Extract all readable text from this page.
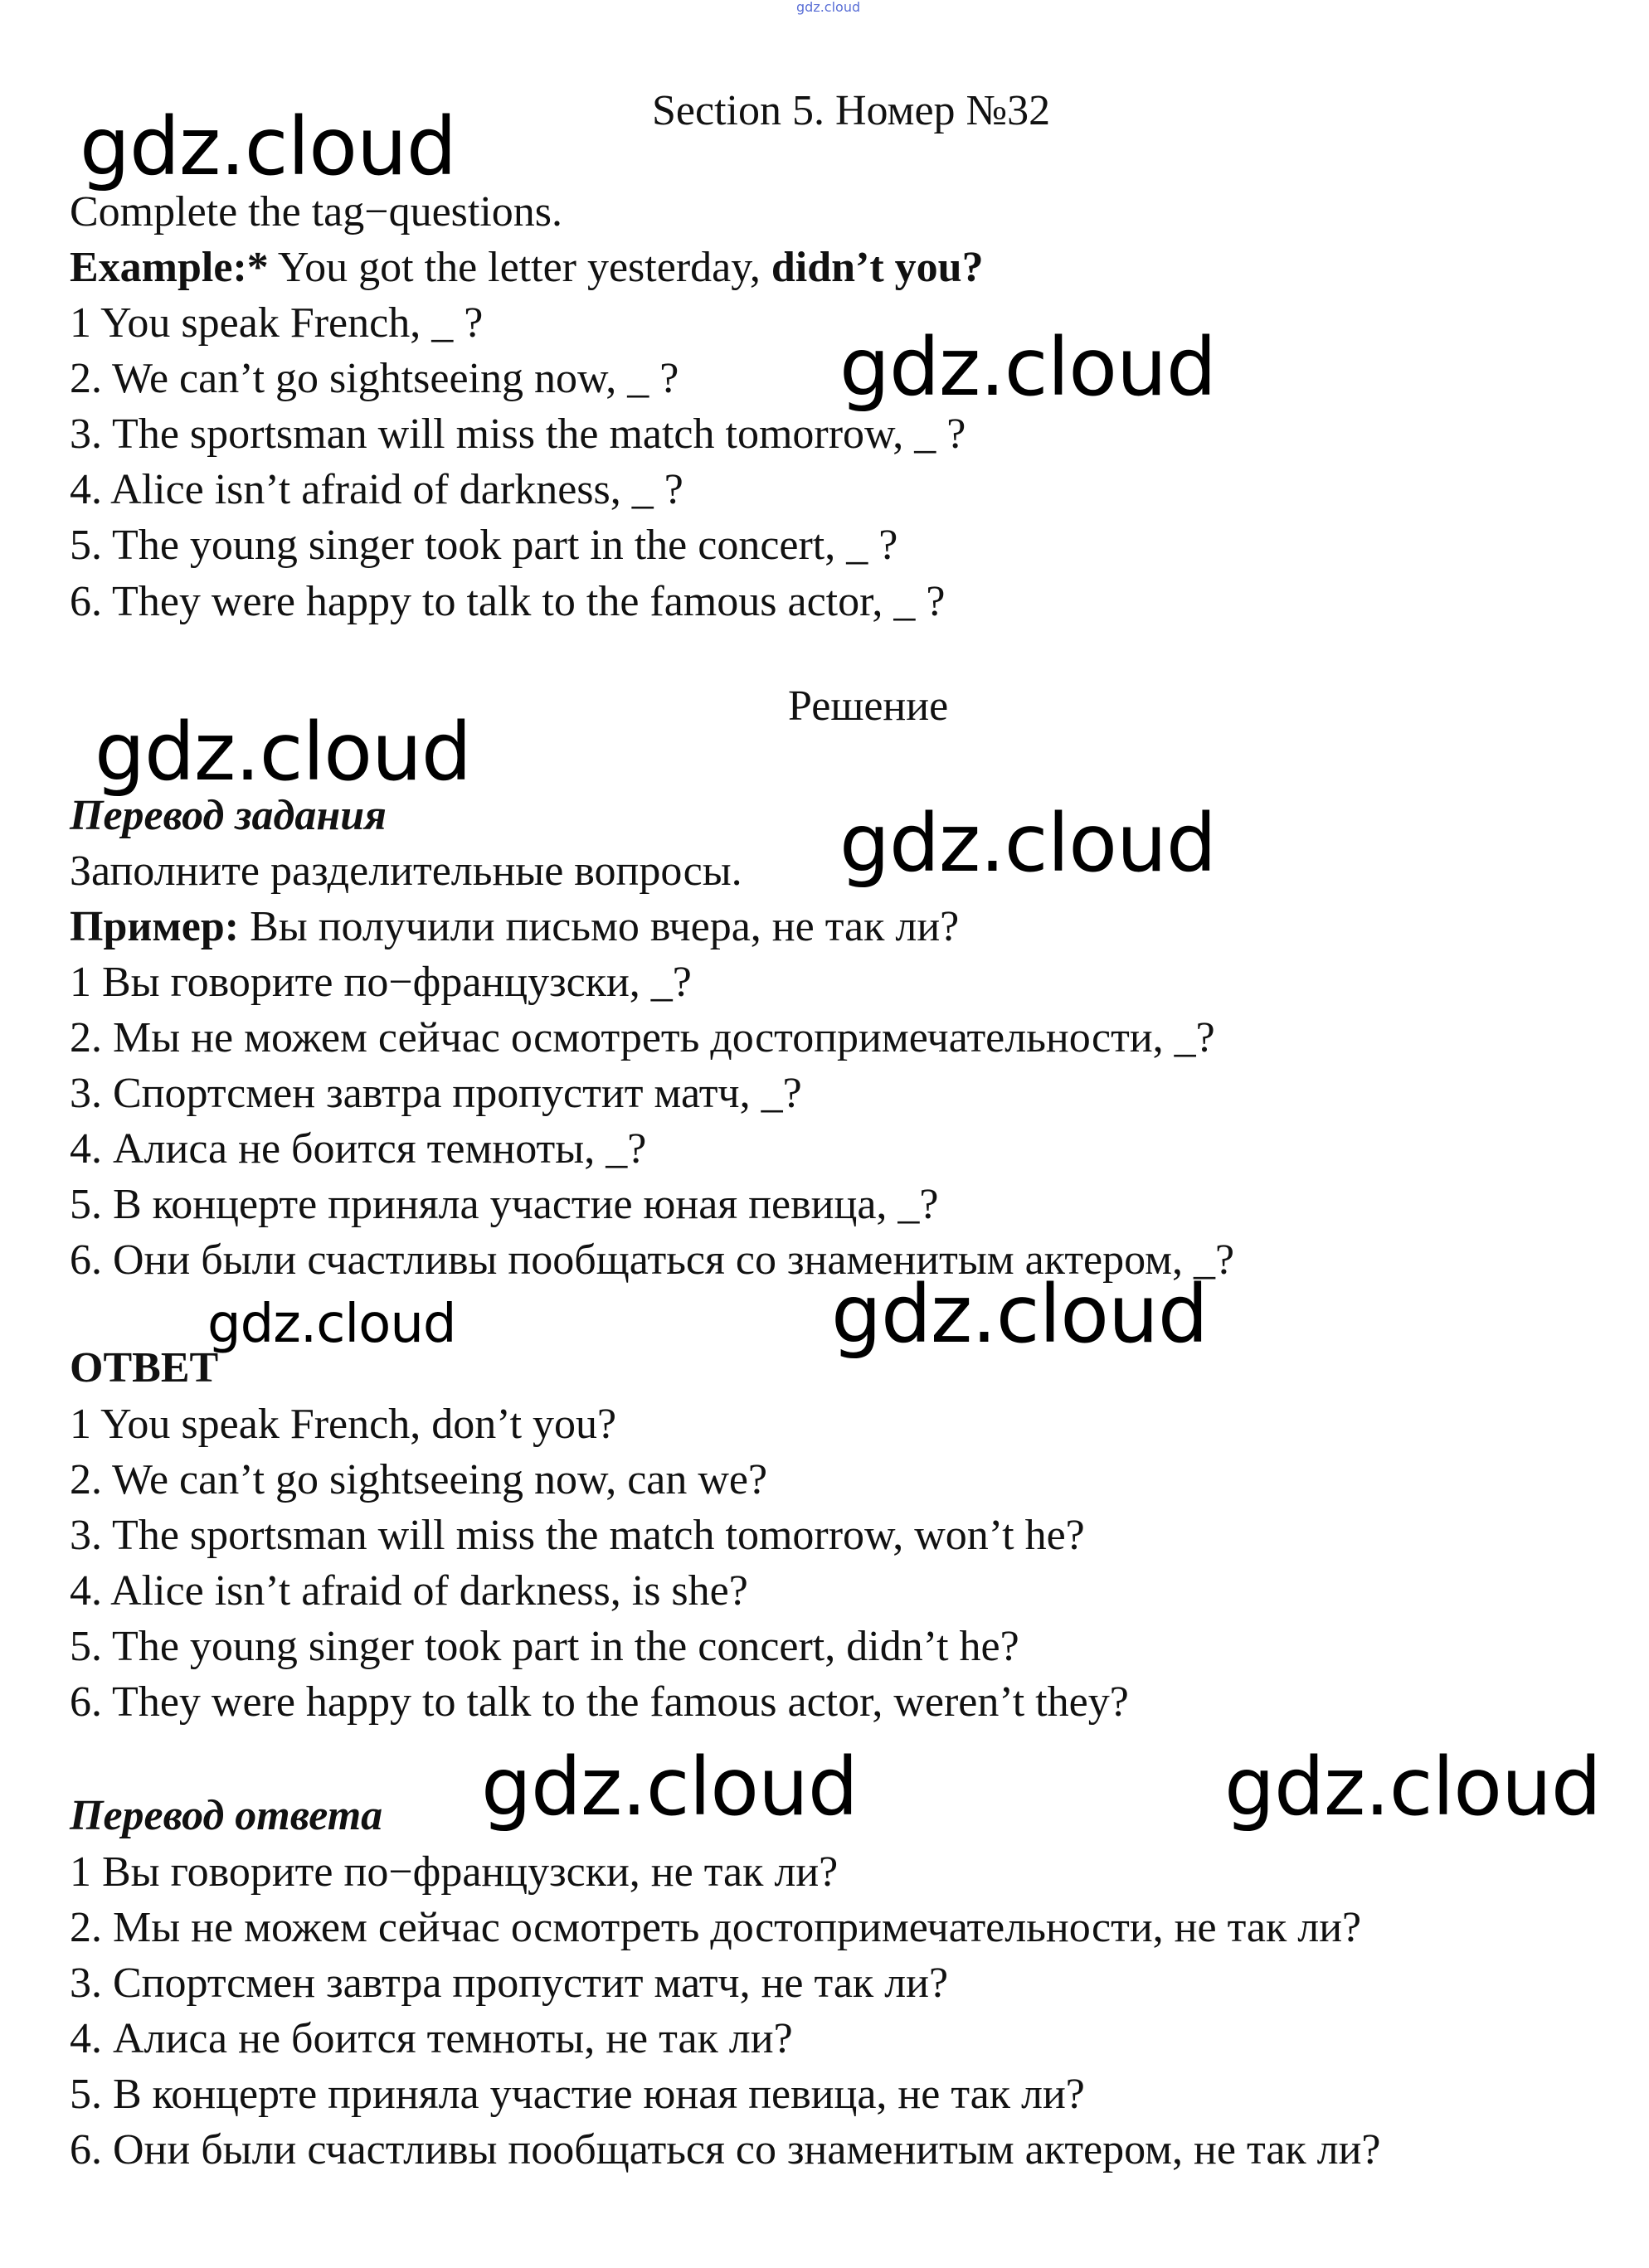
gdz.cloud
Section 5. Номер №32
gdz.cloud
Complete the tag−questions.
Example:* You got the letter yesterday, didn’t you?
1 You speak French, _ ?
2. We can’t go sightseeing now, _ ? gdz.cloud
3. The sportsman will miss the match tomorrow, _ ?
4. Alice isn’t afraid of darkness, _ ?
5. The young singer took part in the concert, _ ?
6. They were happy to talk to the famous actor, _ ?
Решение
gdz.cloud
Перевод задания	gdz.cloud
Заполните разделительные вопросы.
Пример: Вы получили письмо вчера, не так ли?
1 Вы говорите по−французски, _?
2. Мы не можем сейчас осмотреть достопримечательности, _?
3. Спортсмен завтра пропустит матч, _?
4. Алиса не боится темноты, _?
5. В концерте приняла участие юная певица, _?
6. Они были счастливы пообщаться со знаменитым актером, _?
gdz.cloud	gdz.cloud
ОТВЕТ
1 You speak French, don’t you?
2. We can’t go sightseeing now, can we?
3. The sportsman will miss the match tomorrow, won’t he?
4. Alice isn’t afraid of darkness, is she?
5. The young singer took part in the concert, didn’t he?
6. They were happy to talk to the famous actor, weren’t they?
gdz.cloud	gdz.cloud
Перевод ответа
1 Вы говорите по−французски, не так ли?
2. Мы не можем сейчас осмотреть достопримечательности, не так ли?
3. Спортсмен завтра пропустит матч, не так ли?
4. Алиса не боится темноты, не так ли?
5. В концерте приняла участие юная певица, не так ли?
6. Они были счастливы пообщаться со знаменитым актером, не так ли?
